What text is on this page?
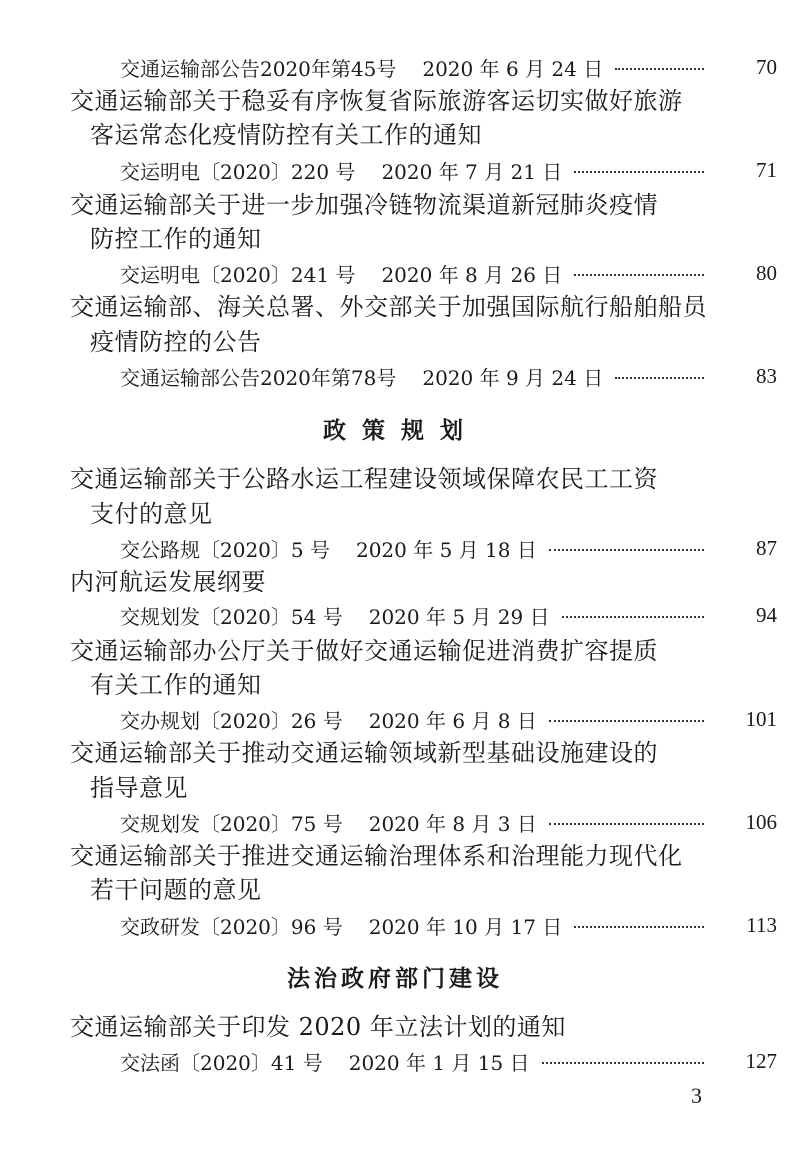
交通运输部公告2020年第45号 2020 年 6 月 24 日	70
交通运输部关于稳妥有序恢复省际旅游客运切实做好旅游
客运常态化疫情防控有关工作的通知
交运明电〔2020〕220 号 2020 年 7 月 21 日	71
交通运输部关于进一步加强冷链物流渠道新冠肺炎疫情
防控工作的通知
交运明电〔2020〕241 号 2020 年 8 月 26 日	80
交通运输部、海关总署、外交部关于加强国际航行船舶船员
疫情防控的公告
交通运输部公告2020年第78号 2020 年 9 月 24 日	83
政 策 规 划
交通运输部关于公路水运工程建设领域保障农民工工资
支付的意见
交公路规〔2020〕5 号 2020 年 5 月 18 日	87
内河航运发展纲要
交规划发〔2020〕54 号 2020 年 5 月 29 日	94
交通运输部办公厅关于做好交通运输促进消费扩容提质
有关工作的通知
交办规划〔2020〕26 号 2020 年 6 月 8 日	101
交通运输部关于推动交通运输领域新型基础设施建设的
指导意见
交规划发〔2020〕75 号 2020 年 8 月 3 日	106
交通运输部关于推进交通运输治理体系和治理能力现代化
若干问题的意见
交政研发〔2020〕96 号 2020 年 10 月 17 日	113
法治政府部门建设
交通运输部关于印发 2020 年立法计划的通知
交法函〔2020〕41 号 2020 年 1 月 15 日	127
3
